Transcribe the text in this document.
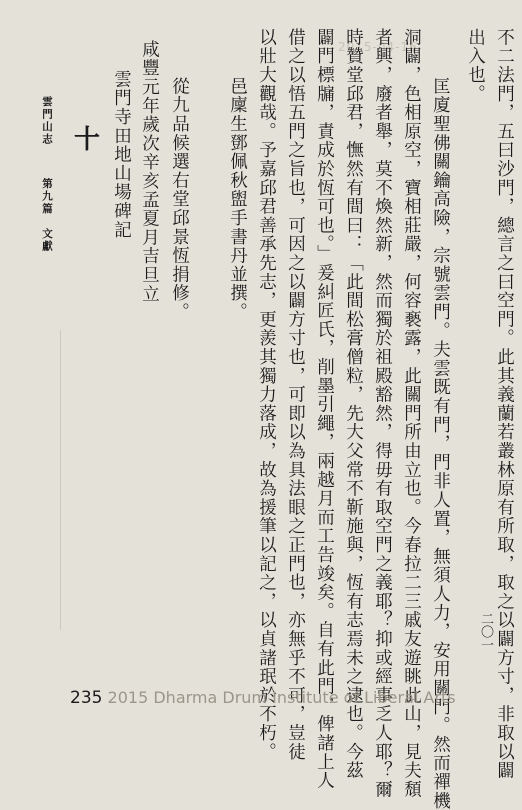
2015-04-16	不二法門，五曰沙門，總言之曰空門。此其義蘭若叢林原有所取，取之以闢方寸，非取以闢
出入也。
匡廈聖佛關鑰高險，宗號雲門。夫雲既有門，門非人置，無須人力，安用關門。然而禪機
洞闢，色相原空，寶相莊嚴，何容褻露，此關門所由立也。今春拉二三戚友遊眺此山，見夫頹
者興，廢者舉，莫不煥然新，然而獨於祖殿豁然，得毋有取空門之義耶？抑或經事乏人耶？爾
時贊堂邱君，憮然有間曰：「此間松膏僧粒，先大父常不靳施與，恆有志焉未之逮也。今茲
闢門標牖，責成於恆可也。」爰糾匠氏，削墨引繩，兩越月而工告竣矣。自有此門，俾諸上人
借之以悟五門之旨也，可因之以闢方寸也，可即以為具法眼之正門也，亦無乎不可，豈徒
以壯大觀哉。予嘉邱君善承先志，更羨其獨力落成，故為援筆以記之，以貞諸珉於不朽。
邑廩生鄧佩秋盥手書丹並撰。
從九品候選右堂邱景恆捐修。
雲門寺田地山場碑記 咸豐元年歲次辛亥孟夏月吉旦立
十
雲門山志
第九篇　文獻
二〇一
235 2015 Dharma Drum Institute of Liberal Arts
